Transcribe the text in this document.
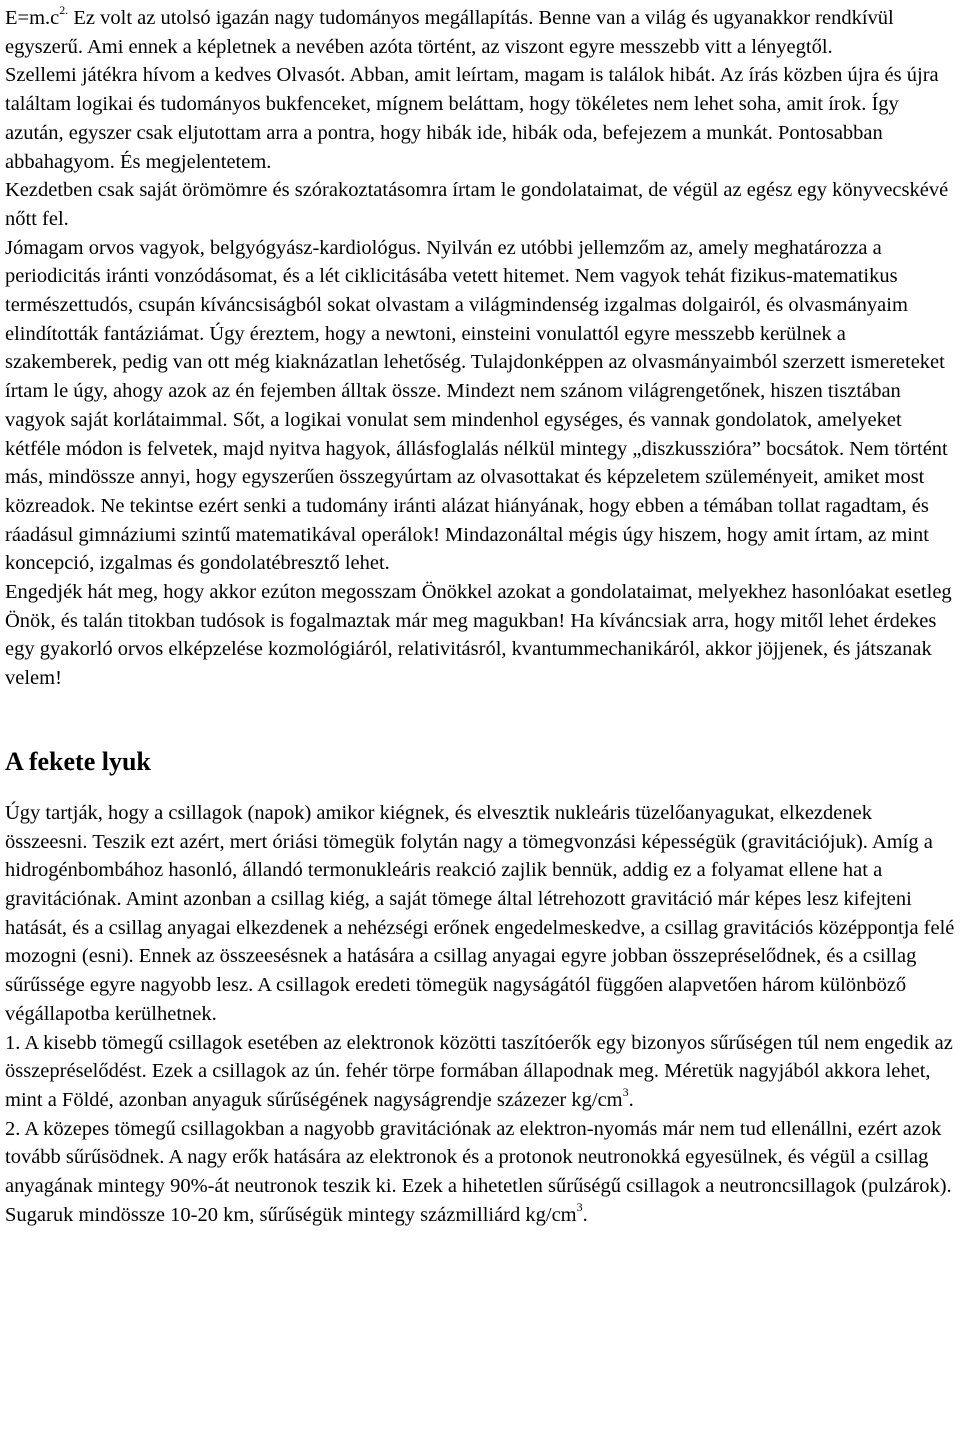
$E=m.c^{2.}$ Ez volt az utolsó igazán nagy tudományos megállapítás. Benne van a világ és ugyanakkor rendkívül egyszerű. Ami ennek a képletnek a nevében azóta történt, az viszont egyre messzebb vitt a lényegtől.

Szellemi játékra hívom a kedves Olvasót. Abban, amit leírtam, magam is találok hibát. Az írás közben újra és újra találtam logikai és tudományos bukfenceket, mígnem beláttam, hogy tökéletes nem lehet soha, amit írok. Így azután, egyszer csak eljutottam arra a pontra, hogy hibák ide, hibák oda, befejezem a munkát. Pontosabban abbahagyom. És megjelentetem.

Kezdetben csak saját örömömre és szórakoztatásomra írtam le gondolataimat, de végül az egész egy könyvecskévé nőtt fel.

Jómagam orvos vagyok, belgyógyász-kardiológus. Nyilván ez utóbbi jellemzőm az, amely meghatározza a periodicitás iránti vonzódásomat, és a lét ciklicitásába vetett hitemet. Nem vagyok tehát fizikus-matematikus természettudós, csupán kíváncsiságból sokat olvastam a világmindenség izgalmas dolgairól, és olvasmányaim elindították fantáziámat. Úgy éreztem, hogy a newtoni, einsteini vonulattól egyre messzebb kerülnek a szakemberek, pedig van ott még kiaknázatlan lehetőség. Tulajdonképpen az olvasmányaimból szerzett ismereteket írtam le úgy, ahogy azok az én fejemben álltak össze. Mindezt nem szánom világrengetőnek, hiszen tisztában vagyok saját korlátaimmal. Sőt, a logikai vonulat sem mindenhol egységes, és vannak gondolatok, amelyeket kétféle módon is felvetek, majd nyitva hagyok, állásfoglalás nélkül mintegy „diszkusszióra” bocsátok. Nem történt más, mindössze annyi, hogy egyszerűen összegyúrtam az olvasottakat és képzeletem szüleményeit, amiket most közreadok. Ne tekintse ezért senki a tudomány iránti alázat hiányának, hogy ebben a témában tollat ragadtam, és ráadásul gimnáziumi szintű matematikával operálok! Mindazonáltal mégis úgy hiszem, hogy amit írtam, az mint koncepció, izgalmas és gondolatébresztő lehet.

Engedjék hát meg, hogy akkor ezúton megosszam Önökkel azokat a gondolataimat, melyekhez hasonlóakat esetleg Önök, és talán titokban tudósok is fogalmaztak már meg magukban! Ha kíváncsiak arra, hogy mitől lehet érdekes egy gyakorló orvos elképzelése kozmológiáról, relativitásról, kvantummechanikáról, akkor jöjjenek, és játszanak velem!

A fekete lyuk

Úgy tartják, hogy a csillagok (napok) amikor kiégnek, és elvesztik nukleáris tüzelőanyagukat, elkezdenek összeesni. Teszik ezt azért, mert óriási tömegük folytán nagy a tömegvonzási képességük (gravitációjuk). Amíg a hidrogénbombához hasonló, állandó termonukleáris reakció zajlik bennük, addig ez a folyamat ellene hat a gravitációnak. Amint azonban a csillag kiég, a saját tömege által létrehozott gravitáció már képes lesz kifejteni hatását, és a csillag anyagai elkezdenek a nehézségi erőnek engedelmeskedve, a csillag gravitációs középpontja felé mozogni (esni). Ennek az összeesésnek a hatására a csillag anyagai egyre jobban összepréselődnek, és a csillag sűrűssége egyre nagyobb lesz. A csillagok eredeti tömegük nagyságától függően alapvetően három különböző végállapotba kerülhetnek.

1. A kisebb tömegű csillagok esetében az elektronok közötti taszítóerők egy bizonyos sűrűségen túl nem engedik az összepréselődést. Ezek a csillagok az ún. fehér törpe formában állapodnak meg. Méretük nagyjából akkora lehet, mint a Földé, azonban anyaguk sűrűségének nagyságrendje százezer $kg/cm^3$.

2. A közepes tömegű csillagokban a nagyobb gravitációnak az elektron-nyomás már nem tud ellenállni, ezért azok tovább sűrűsödnek. A nagy erők hatására az elektronok és a protonok neutronokká egyesülnek, és végül a csillag anyagának mintegy 90%-át neutronok teszik ki. Ezek a hihetetlen sűrűségű csillagok a neutroncsillagok (pulzárok). Sugaruk mindössze 10-20 km, sűrűségük mintegy százmilliárd $kg/cm^3$.
